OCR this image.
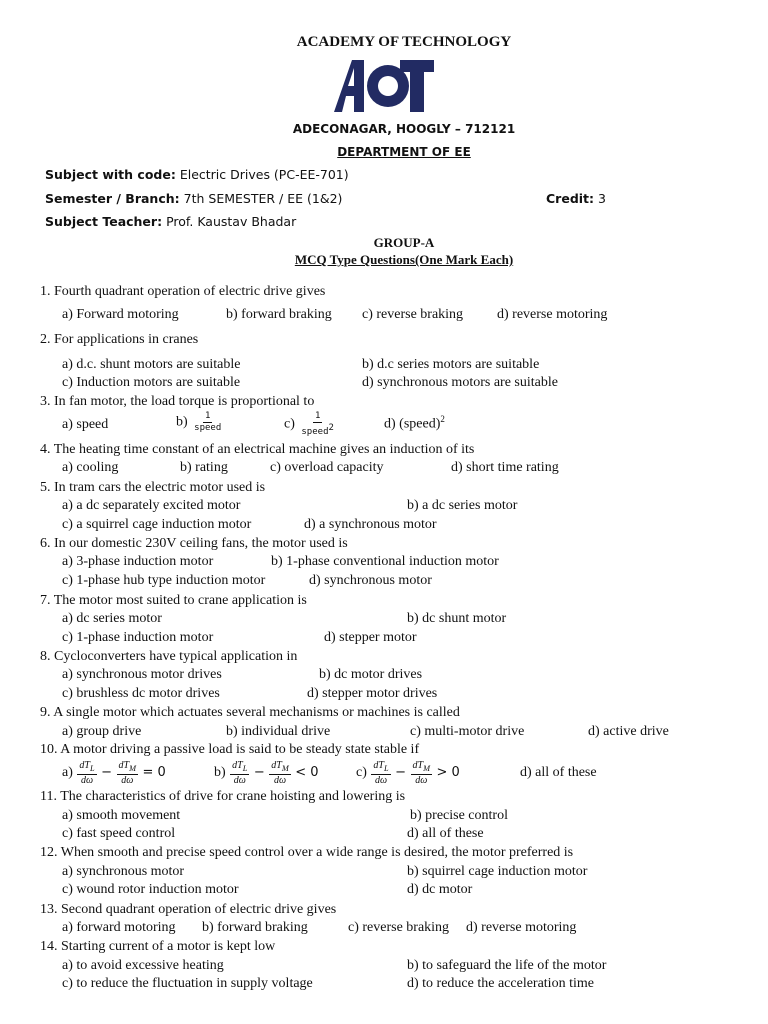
ACADEMY OF TECHNOLOGY
ADECONAGAR, HOOGLY – 712121
DEPARTMENT OF EE
Subject with code: Electric Drives (PC-EE-701)
Semester / Branch: 7th SEMESTER / EE (1&2)	Credit: 3
Subject Teacher: Prof. Kaustav Bhadar
GROUP-A
MCQ Type Questions(One Mark Each)
1. Fourth quadrant operation of electric drive gives
a) Forward motoring	b) forward braking c) reverse braking d) reverse motoring
2. For applications in cranes
a) d.c. shunt motors are suitable	b) d.c series motors are suitable
c) Induction motors are suitable	d) synchronous motors are suitable
3. In fan motor, the load torque is proportional to
a) speed	$b) \frac{1}{\text{speed}}$	$c) \frac{1}{speed^2}$	d) (speed)$^2$
4. The heating time constant of an electrical machine gives an induction of its
a) cooling	b) rating	c) overload capacity	d) short time rating
5. In tram cars the electric motor used is
a) a dc separately excited motor	b) a dc series motor
c) a squirrel cage induction motor	d) a synchronous motor
6. In our domestic 230V ceiling fans, the motor used is
a) 3-phase induction motor	b) 1-phase conventional induction motor
c) 1-phase hub type induction motor	d) synchronous motor
7. The motor most suited to crane application is
a) dc series motor	b) dc shunt motor
c) 1-phase induction motor	d) stepper motor
8. Cycloconverters have typical application in
a) synchronous motor drives	b) dc motor drives
c) brushless dc motor drives	d) stepper motor drives
9. A single motor which actuates several mechanisms or machines is called
a) group drive	b) individual drive	c) multi-motor drive	d) active drive
10. A motor driving a passive load is said to be steady state stable if
$a) \frac{dT_L}{d\omega} - \frac{dT_M}{d\omega} = 0$	$b) \frac{dT_L}{d\omega} - \frac{dT_M}{d\omega} < 0$	$c) \frac{dT_L}{d\omega} - \frac{dT_M}{d\omega} > 0$	d) all of these
11. The characteristics of drive for crane hoisting and lowering is
a) smooth movement	b) precise control
c) fast speed control	d) all of these
12. When smooth and precise speed control over a wide range is desired, the motor preferred is
a) synchronous motor	b) squirrel cage induction motor
c) wound rotor induction motor	d) dc motor
13. Second quadrant operation of electric drive gives
a) forward motoring b) forward braking	c) reverse braking d) reverse motoring
14. Starting current of a motor is kept low
a) to avoid excessive heating	b) to safeguard the life of the motor
c) to reduce the fluctuation in supply voltage	d) to reduce the acceleration time
